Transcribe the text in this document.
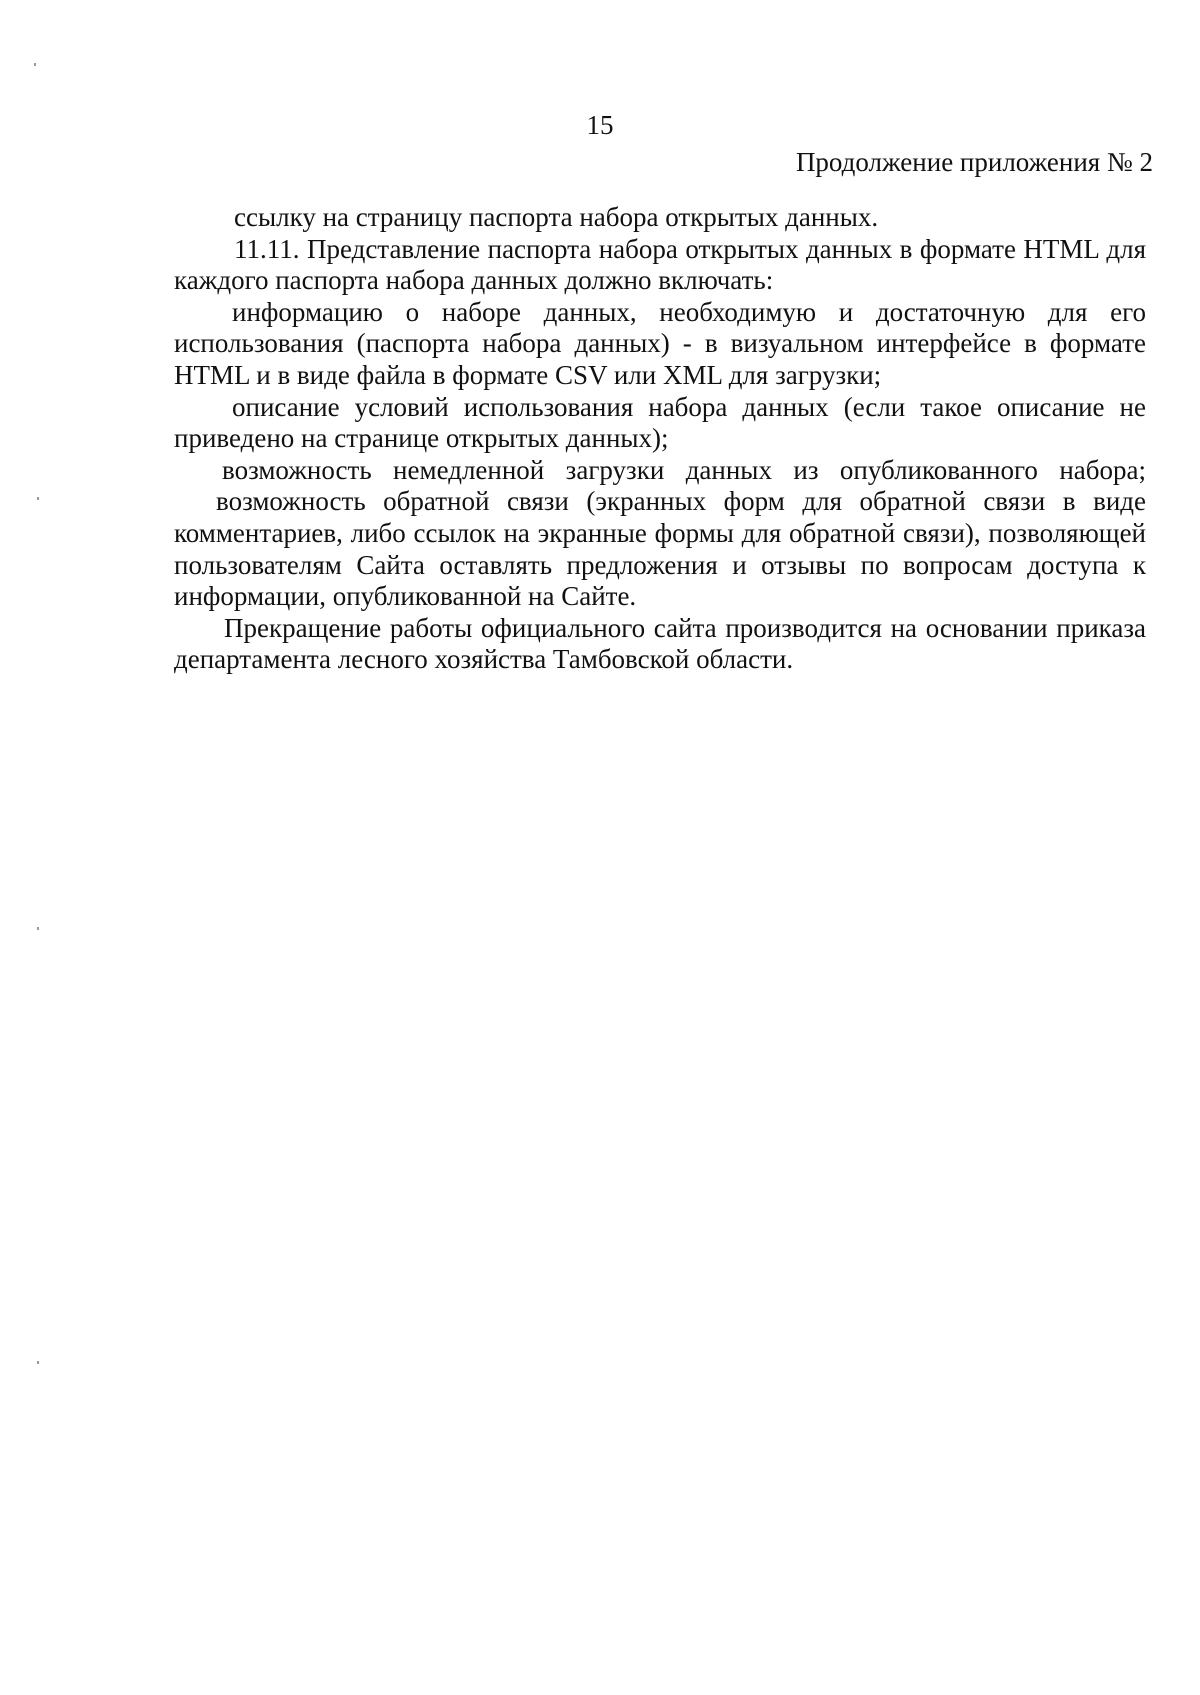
15
Продолжение приложения № 2

ссылку на страницу паспорта набора открытых данных.

11.11. Представление паспорта набора открытых данных в формате HTML для каждого паспорта набора данных должно включать:

информацию о наборе данных, необходимую и достаточную для его использования (паспорта набора данных) - в визуальном интерфейсе в формате HTML и в виде файла в формате CSV или XML для загрузки;

описание условий использования набора данных (если такое описание не приведено на странице открытых данных);

возможность немедленной загрузки данных из опубликованного набора;

возможность обратной связи (экранных форм для обратной связи в виде комментариев, либо ссылок на экранные формы для обратной связи), позволяющей пользователям Сайта оставлять предложения и отзывы по вопросам доступа к информации, опубликованной на Сайте.

Прекращение работы официального сайта производится на основании приказа департамента лесного хозяйства Тамбовской области.
